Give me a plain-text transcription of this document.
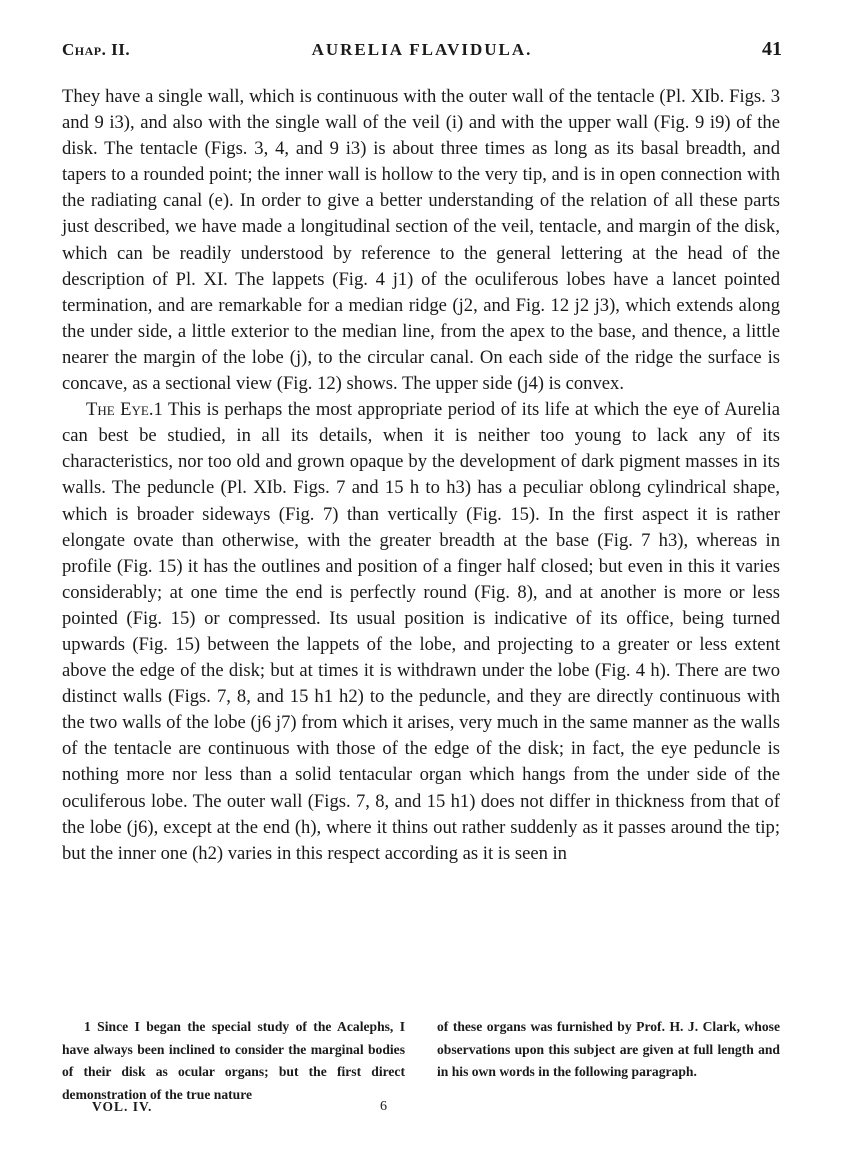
Chap. II.	AURELIA FLAVIDULA.	41

They have a single wall, which is continuous with the outer wall of the tentacle (Pl. XIb. Figs. 3 and 9 i3), and also with the single wall of the veil (i) and with the upper wall (Fig. 9 i9) of the disk. The tentacle (Figs. 3, 4, and 9 i3) is about three times as long as its basal breadth, and tapers to a rounded point; the inner wall is hollow to the very tip, and is in open connection with the radiating canal (e). In order to give a better understanding of the relation of all these parts just described, we have made a longitudinal section of the veil, tentacle, and margin of the disk, which can be readily understood by reference to the general lettering at the head of the description of Pl. XI. The lappets (Fig. 4 j1) of the oculiferous lobes have a lancet pointed termination, and are remarkable for a median ridge (j2, and Fig. 12 j2 j3), which extends along the under side, a little exterior to the median line, from the apex to the base, and thence, a little nearer the margin of the lobe (j), to the circular canal. On each side of the ridge the surface is concave, as a sectional view (Fig. 12) shows. The upper side (j4) is convex.

The Eye.1 This is perhaps the most appropriate period of its life at which the eye of Aurelia can best be studied, in all its details, when it is neither too young to lack any of its characteristics, nor too old and grown opaque by the development of dark pigment masses in its walls. The peduncle (Pl. XIb. Figs. 7 and 15 h to h3) has a peculiar oblong cylindrical shape, which is broader sideways (Fig. 7) than vertically (Fig. 15). In the first aspect it is rather elongate ovate than otherwise, with the greater breadth at the base (Fig. 7 h3), whereas in profile (Fig. 15) it has the outlines and position of a finger half closed; but even in this it varies considerably; at one time the end is perfectly round (Fig. 8), and at another is more or less pointed (Fig. 15) or compressed. Its usual position is indicative of its office, being turned upwards (Fig. 15) between the lappets of the lobe, and projecting to a greater or less extent above the edge of the disk; but at times it is withdrawn under the lobe (Fig. 4 h). There are two distinct walls (Figs. 7, 8, and 15 h1 h2) to the peduncle, and they are directly continuous with the two walls of the lobe (j6 j7) from which it arises, very much in the same manner as the walls of the tentacle are continuous with those of the edge of the disk; in fact, the eye peduncle is nothing more nor less than a solid tentacular organ which hangs from the under side of the oculiferous lobe. The outer wall (Figs. 7, 8, and 15 h1) does not differ in thickness from that of the lobe (j6), except at the end (h), where it thins out rather suddenly as it passes around the tip; but the inner one (h2) varies in this respect according as it is seen in

1 Since I began the special study of the Acalephs, I have always been inclined to consider the marginal bodies of their disk as ocular organs; but the first direct demonstration of the true nature
of these organs was furnished by Prof. H. J. Clark, whose observations upon this subject are given at full length and in his own words in the following paragraph.
VOL. IV.	6
